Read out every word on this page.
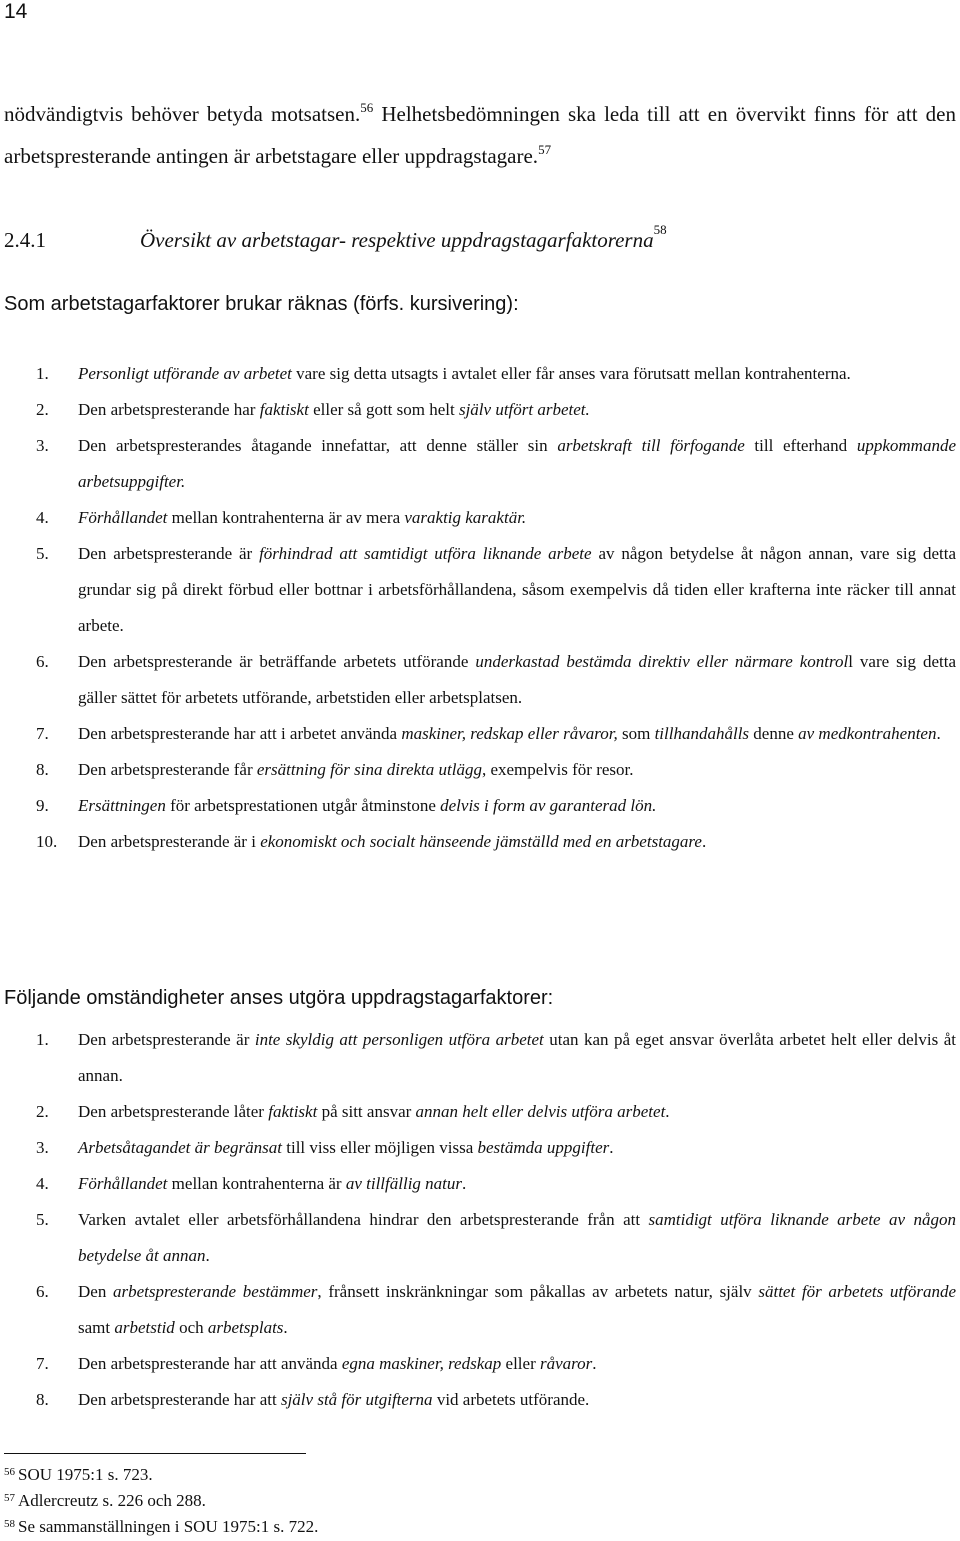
14

nödvändigtvis behöver betyda motsatsen.$^{56}$ Helhetsbedömningen ska leda till att en övervikt finns för att den arbetspresterande antingen är arbetstagare eller uppdragstagare.$^{57}$

2.4.1	Översikt av arbetstagar- respektive uppdragstagarfaktorerna$^{58}$

Som arbetstagarfaktorer brukar räknas (förfs. kursivering):

1. Personligt utförande av arbetet vare sig detta utsagts i avtalet eller får anses vara förutsatt mellan kontrahenterna.
2. Den arbetspresterande har faktiskt eller så gott som helt själv utfört arbetet.
3. Den arbetspresterandes åtagande innefattar, att denne ställer sin arbetskraft till förfogande till efterhand uppkommande arbetsuppgifter.
4. Förhållandet mellan kontrahenterna är av mera varaktig karaktär.
5. Den arbetspresterande är förhindrad att samtidigt utföra liknande arbete av någon betydelse åt någon annan, vare sig detta grundar sig på direkt förbud eller bottnar i arbetsförhållandena, såsom exempelvis då tiden eller krafterna inte räcker till annat arbete.
6. Den arbetspresterande är beträffande arbetets utförande underkastad bestämda direktiv eller närmare kontroll vare sig detta gäller sättet för arbetets utförande, arbetstiden eller arbetsplatsen.
7. Den arbetspresterande har att i arbetet använda maskiner, redskap eller råvaror, som tillhandahålls denne av medkontrahenten.
8. Den arbetspresterande får ersättning för sina direkta utlägg, exempelvis för resor.
9. Ersättningen för arbetsprestationen utgår åtminstone delvis i form av garanterad lön.
10. Den arbetspresterande är i ekonomiskt och socialt hänseende jämställd med en arbetstagare.

Följande omständigheter anses utgöra uppdragstagarfaktorer:

1. Den arbetspresterande är inte skyldig att personligen utföra arbetet utan kan på eget ansvar överlåta arbetet helt eller delvis åt annan.
2. Den arbetspresterande låter faktiskt på sitt ansvar annan helt eller delvis utföra arbetet.
3. Arbetsåtagandet är begränsat till viss eller möjligen vissa bestämda uppgifter.
4. Förhållandet mellan kontrahenterna är av tillfällig natur.
5. Varken avtalet eller arbetsförhållandena hindrar den arbetspresterande från att samtidigt utföra liknande arbete av någon betydelse åt annan.
6. Den arbetspresterande bestämmer, frånsett inskränkningar som påkallas av arbetets natur, själv sättet för arbetets utförande samt arbetstid och arbetsplats.
7. Den arbetspresterande har att använda egna maskiner, redskap eller råvaror.
8. Den arbetspresterande har att själv stå för utgifterna vid arbetets utförande.
$^{56}$ SOU 1975:1 s. 723.
$^{57}$ Adlercreutz s. 226 och 288.
$^{58}$ Se sammanställningen i SOU 1975:1 s. 722.
